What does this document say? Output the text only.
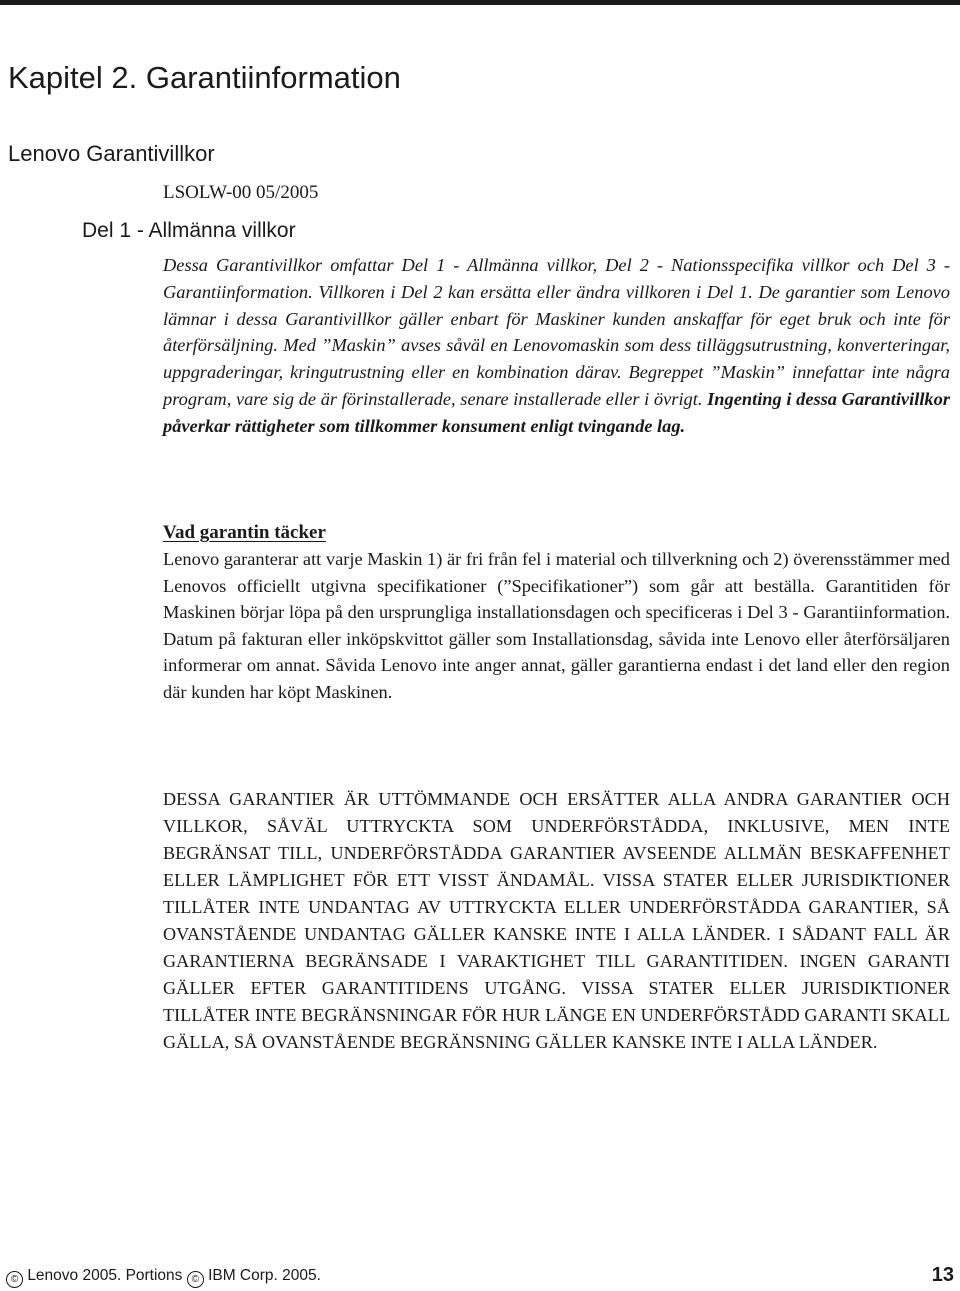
Kapitel 2. Garantiinformation
Lenovo Garantivillkor

LSOLW-00 05/2005

Del 1 - Allmänna villkor

Dessa Garantivillkor omfattar Del 1 - Allmänna villkor, Del 2 - Nationsspecifika villkor och Del 3 - Garantiinformation. Villkoren i Del 2 kan ersätta eller ändra villkoren i Del 1. De garantier som Lenovo lämnar i dessa Garantivillkor gäller enbart för Maskiner kunden anskaffar för eget bruk och inte för återförsäljning. Med ”Maskin” avses såväl en Lenovomaskin som dess tilläggsutrustning, konverteringar, uppgraderingar, kringutrustning eller en kombination därav. Begreppet ”Maskin” innefattar inte några program, vare sig de är förinstallerade, senare installerade eller i övrigt. Ingenting i dessa Garantivillkor påverkar rättigheter som tillkommer konsument enligt tvingande lag.

Vad garantin täcker

Lenovo garanterar att varje Maskin 1) är fri från fel i material och tillverkning och 2) överensstämmer med Lenovos officiellt utgivna specifikationer (”Specifikationer”) som går att beställa. Garantitiden för Maskinen börjar löpa på den ursprungliga installationsdagen och specificeras i Del 3 - Garantiinformation. Datum på fakturan eller inköpskvittot gäller som Installationsdag, såvida inte Lenovo eller återförsäljaren informerar om annat. Såvida Lenovo inte anger annat, gäller garantierna endast i det land eller den region där kunden har köpt Maskinen.

DESSA GARANTIER ÄR UTTÖMMANDE OCH ERSÄTTER ALLA ANDRA GARANTIER OCH VILLKOR, SÅVÄL UTTRYCKTA SOM UNDERFÖRSTÅDDA, INKLUSIVE, MEN INTE BEGRÄNSAT TILL, UNDERFÖRSTÅDDA GARANTIER AVSEENDE ALLMÄN BESKAFFENHET ELLER LÄMPLIGHET FÖR ETT VISST ÄNDAMÅL. VISSA STATER ELLER JURISDIKTIONER TILLÅTER INTE UNDANTAG AV UTTRYCKTA ELLER UNDERFÖRSTÅDDA GARANTIER, SÅ OVANSTÅENDE UNDANTAG GÄLLER KANSKE INTE I ALLA LÄNDER. I SÅDANT FALL ÄR GARANTIERNA BEGRÄNSADE I VARAKTIGHET TILL GARANTITIDEN. INGEN GARANTI GÄLLER EFTER GARANTITIDENS UTGÅNG. VISSA STATER ELLER JURISDIKTIONER TILLÅTER INTE BEGRÄNSNINGAR FÖR HUR LÄNGE EN UNDERFÖRSTÅDD GARANTI SKALL GÄLLA, SÅ OVANSTÅENDE BEGRÄNSNING GÄLLER KANSKE INTE I ALLA LÄNDER.

© Lenovo 2005. Portions © IBM Corp. 2005.	13
